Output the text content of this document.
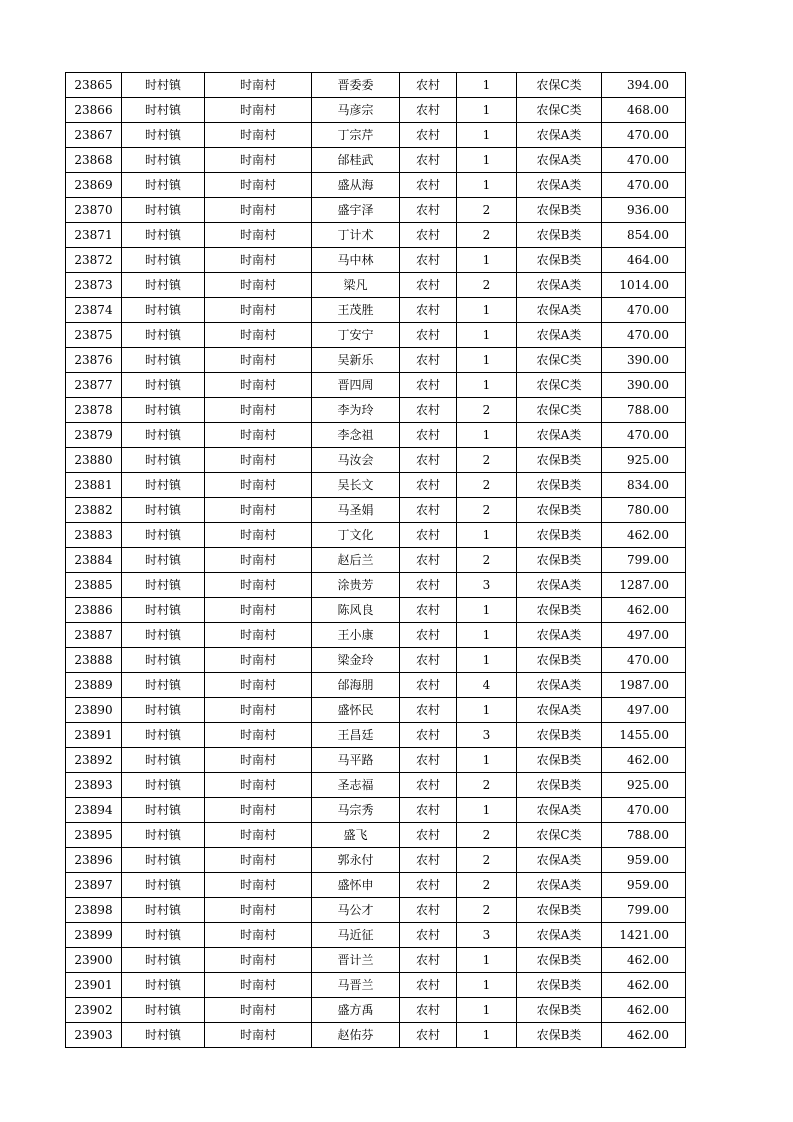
23865	时村镇	时南村	晋委委	农村	1	农保C类	394.00
23866	时村镇	时南村	马彦宗	农村	1	农保C类	468.00
23867	时村镇	时南村	丁宗芹	农村	1	农保A类	470.00
23868	时村镇	时南村	邰桂武	农村	1	农保A类	470.00
23869	时村镇	时南村	盛从海	农村	1	农保A类	470.00
23870	时村镇	时南村	盛宇泽	农村	2	农保B类	936.00
23871	时村镇	时南村	丁计术	农村	2	农保B类	854.00
23872	时村镇	时南村	马中林	农村	1	农保B类	464.00
23873	时村镇	时南村	梁凡	农村	2	农保A类	1014.00
23874	时村镇	时南村	王茂胜	农村	1	农保A类	470.00
23875	时村镇	时南村	丁安宁	农村	1	农保A类	470.00
23876	时村镇	时南村	吴新乐	农村	1	农保C类	390.00
23877	时村镇	时南村	晋四周	农村	1	农保C类	390.00
23878	时村镇	时南村	李为玲	农村	2	农保C类	788.00
23879	时村镇	时南村	李念祖	农村	1	农保A类	470.00
23880	时村镇	时南村	马汝会	农村	2	农保B类	925.00
23881	时村镇	时南村	吴长文	农村	2	农保B类	834.00
23882	时村镇	时南村	马圣娟	农村	2	农保B类	780.00
23883	时村镇	时南村	丁文化	农村	1	农保B类	462.00
23884	时村镇	时南村	赵后兰	农村	2	农保B类	799.00
23885	时村镇	时南村	涂贵芳	农村	3	农保A类	1287.00
23886	时村镇	时南村	陈风良	农村	1	农保B类	462.00
23887	时村镇	时南村	王小康	农村	1	农保A类	497.00
23888	时村镇	时南村	梁金玲	农村	1	农保B类	470.00
23889	时村镇	时南村	邰海朋	农村	4	农保A类	1987.00
23890	时村镇	时南村	盛怀民	农村	1	农保A类	497.00
23891	时村镇	时南村	王昌廷	农村	3	农保B类	1455.00
23892	时村镇	时南村	马平路	农村	1	农保B类	462.00
23893	时村镇	时南村	圣志福	农村	2	农保B类	925.00
23894	时村镇	时南村	马宗秀	农村	1	农保A类	470.00
23895	时村镇	时南村	盛飞	农村	2	农保C类	788.00
23896	时村镇	时南村	郭永付	农村	2	农保A类	959.00
23897	时村镇	时南村	盛怀申	农村	2	农保A类	959.00
23898	时村镇	时南村	马公才	农村	2	农保B类	799.00
23899	时村镇	时南村	马近征	农村	3	农保A类	1421.00
23900	时村镇	时南村	晋计兰	农村	1	农保B类	462.00
23901	时村镇	时南村	马晋兰	农村	1	农保B类	462.00
23902	时村镇	时南村	盛方禹	农村	1	农保B类	462.00
23903	时村镇	时南村	赵佑芬	农村	1	农保B类	462.00
